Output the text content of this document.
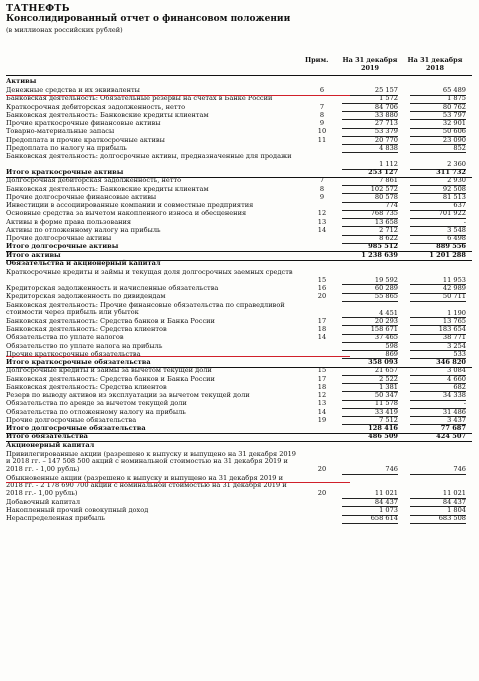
ТАТНЕФТЬ
Консолидированный отчет о финансовом положении
(в миллионах российских рублей)
Прим.	На 31 декабря 2019
На 31 декабря 2018
Активы
Денежные средства и их эквиваленты	6	25 157	65 489
Банковская деятельность: Обязательные резервы на счетах в Банке России	1 572	1 875
Краткосрочная дебиторская задолженность, нетто	7	84 706	80 762
Банковская деятельность: Банковские кредиты клиентам	8	33 880	53 797
Прочие краткосрочные финансовые активы	9	27 713	32 901
Товарно-материальные запасы	10	53 379	50 606
Предоплата и прочие краткосрочные активы	11	20 770	23 090
Предоплата по налогу на прибыль	4 838	852
Банковская деятельность: долгосрочные активы, предназначенные для продажи
1 112	2 360
Итого краткосрочные активы	253 127	311 732
Долгосрочная дебиторская задолженность, нетто	7	7 861	2 930
Банковская деятельность: Банковские кредиты клиентам	8	102 572	92 508
Прочие долгосрочные финансовые активы	9	80 578	81 513
Инвестиции в ассоциированные компании и совместные предприятия	774	637
Основные средства за вычетом накопленного износа и обесценения	12	768 735	701 922
Активы в форме права пользования	13	13 658	-
Активы по отложенному налогу на прибыль	14	2 712	3 548
Прочие долгосрочные активы	8 622	6 498
Итого долгосрочные активы	985 512	889 556
Итого активы	1 238 639	1 201 288
Обязательства и акционерный капитал
Краткосрочные кредиты и займы и текущая доля долгосрочных заемных средств
15	19 592	11 953
Кредиторская задолженность и начисленные обязательства	16	60 289	42 989
Кредиторская задолженность по дивидендам	20	55 865	50 711
Банковская деятельность: Прочие финансовые обязательства по справедливой стоимости через прибыль или убыток	4 451	1 190
Банковская деятельность: Средства банков и Банка России	17	20 293	13 765
Банковская деятельность: Средства клиентов	18	158 671	183 654
Обязательства по уплате налогов	14	37 465	38 771
Обязательство по уплате налога на прибыль	598	3 254
Прочие краткосрочные обязательства	869	533
Итого краткосрочные обязательства	358 093	346 820
Долгосрочные кредиты и займы за вычетом текущей доли	15	21 657	3 084
Банковская деятельность: Средства банков и Банка России	17	2 522	4 660
Банковская деятельность: Средства клиентов	18	1 381	682
Резерв по выводу активов из эксплуатации за вычетом текущей доли	12	50 347	34 338
Обязательства по аренде за вычетом текущей доли	13	11 578	-
Обязательства по отложенному налогу на прибыль	14	33 419	31 486
Прочие долгосрочные обязательства	19	7 512	3 437
Итого долгосрочные обязательства	128 416	77 687
Итого обязательства	486 509	424 507
Акционерный капитал
Привилегированные акции (разрешено к выпуску и выпущено на 31 декабря 2019 и 2018 гг. – 147 508 500 акций с номинальной стоимостью на 31 декабря 2019 и 2018 гг. - 1,00 рубль)	20	746	746
Обыкновенные акции (разрешено к выпуску и выпущено на 31 декабря 2019 и 2018 гг. - 2 178 690 700 акций с номинальной стоимостью на 31 декабря 2019 и 2018 гг.- 1,00 рубль)	20	11 021	11 021
Добавочный капитал	84 437	84 437
Накопленный прочий совокупный доход	1 073	1 804
Нераспределенная прибыль	658 614	683 508
